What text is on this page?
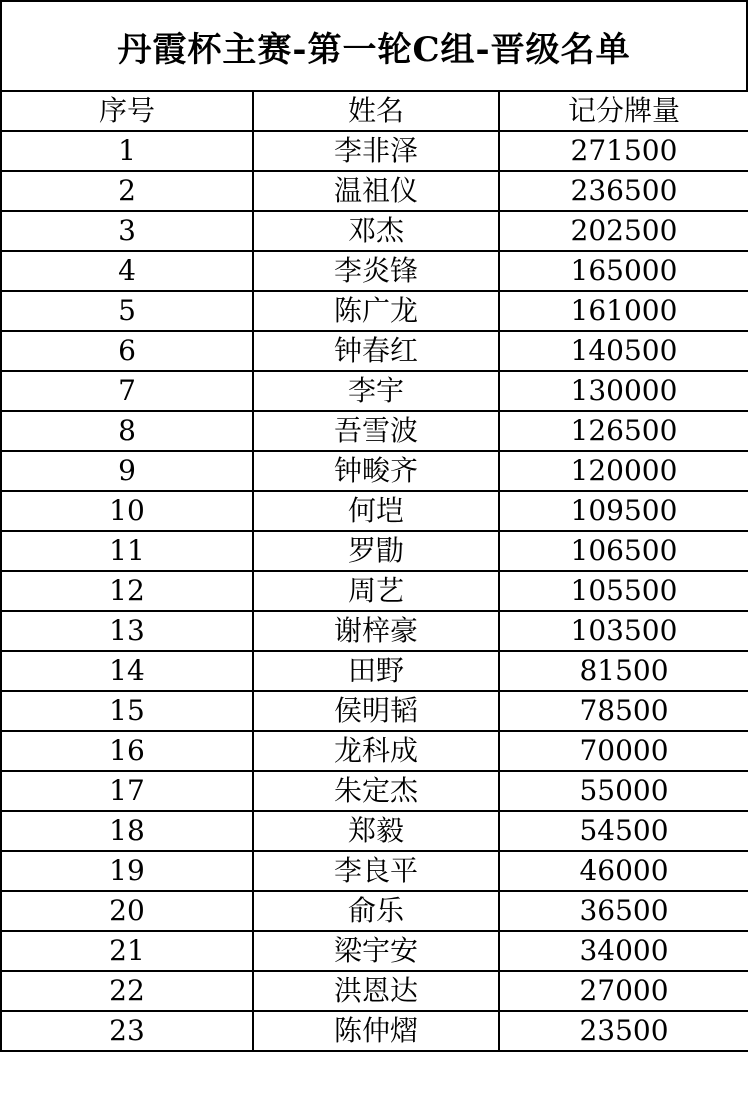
丹霞杯主赛-第一轮C组-晋级名单
序号	姓名	记分牌量
1	李非泽	271500
2	温祖仪	236500
3	邓杰	202500
4	李炎锋	165000
5	陈广龙	161000
6	钟春红	140500
7	李宇	130000
8	吾雪波	126500
9	钟畯齐	120000
10	何垲	109500
11	罗勖	106500
12	周艺	105500
13	谢梓豪	103500
14	田野	81500
15	侯明韬	78500
16	龙科成	70000
17	朱定杰	55000
18	郑毅	54500
19	李良平	46000
20	俞乐	36500
21	梁宇安	34000
22	洪恩达	27000
23	陈仲熠	23500
